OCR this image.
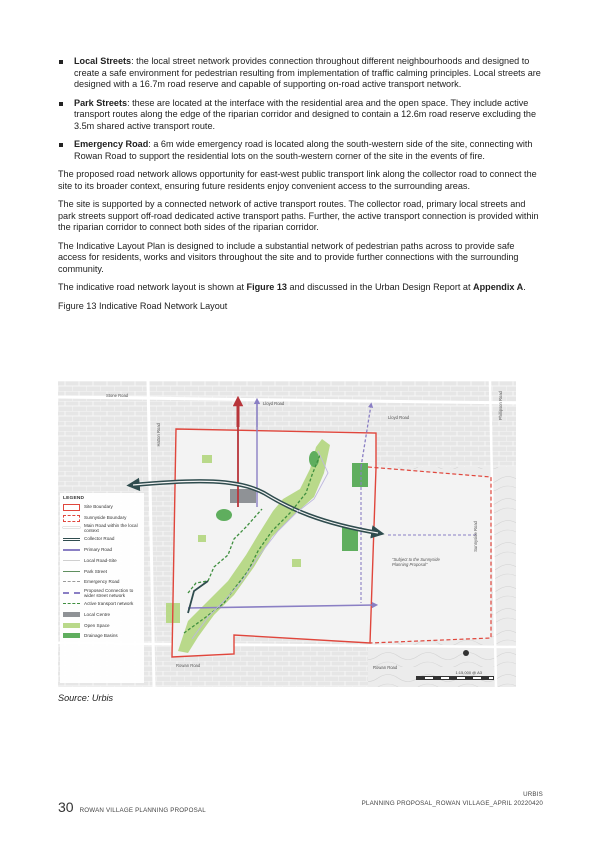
Local Streets: the local street network provides connection throughout different neighbourhoods and designed to create a safe environment for pedestrian resulting from implementation of traffic calming principles. Local streets are designed with a 16.7m road reserve and capable of supporting on-road active transport network.
Park Streets: these are located at the interface with the residential area and the open space. They include active transport routes along the edge of the riparian corridor and designed to contain a 12.6m road reserve excluding the 3.5m shared active transport route.
Emergency Road: a 6m wide emergency road is located along the south-western side of the site, connecting with Rowan Road to support the residential lots on the south-western corner of the site in the events of fire.

The proposed road network allows opportunity for east-west public transport link along the collector road to connect the site to its broader context, ensuring future residents enjoy convenient access to the surrounding areas.

The site is supported by a connected network of active transport routes. The collector road, primary local streets and park streets support off-road dedicated active transport paths. Further, the active transport connection is provided within the riparian corridor to connect both sides of the riparian corridor.

The Indicative Layout Plan is designed to include a substantial network of pedestrian paths across to provide safe access for residents, works and visitors throughout the site and to provide further connections with the surrounding community.

The indicative road network layout is shown at Figure 13 and discussed in the Urban Design Report at Appendix A.

Figure 13 Indicative Road Network Layout

Stone Road
Lloyd Road
Lloyd Road
Rowan Road	Rowan Road
Sunnyside Road
Phillipson Road
Hatton Road
"Subject to the Sunnyside Planning Proposal"
LEGEND
Site Boundary
Sunnyside Boundary
Main Road within the local context
Collector Road
Primary Road
Local Road-Site
Park Street
Emergency Road
Proposed Connection to wider street network
Active transport network
Local Centre
Open Space
Drainage Basins
1:15,000 @ A3
Source: Urbis
30 ROWAN VILLAGE PLANNING PROPOSAL
URBIS
PLANNING PROPOSAL_ROWAN VILLAGE_APRIL 20220420
